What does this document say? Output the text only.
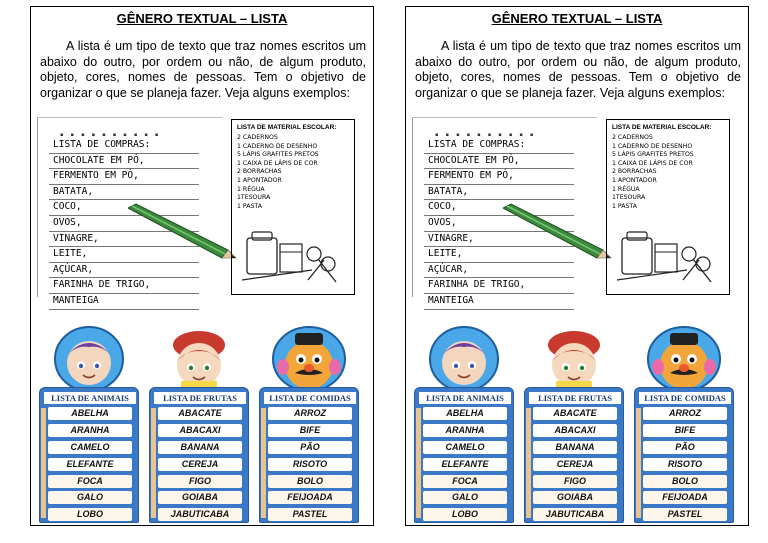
GÊNERO TEXTUAL – LISTA

A lista é um tipo de texto que traz nomes escritos um abaixo do outro, por ordem ou não, de algum produto, objeto, cores, nomes de pessoas. Tem o objetivo de organizar o que se planeja fazer. Veja alguns exemplos:

▪▪▪▪▪▪▪▪▪▪
LISTA DE COMPRAS:
CHOCOLATE EM PÓ,
FERMENTO EM PÓ,
BATATA,
COCO,
OVOS,
VINAGRE,
LEITE,
AÇÚCAR,
FARINHA DE TRIGO,
MANTEIGA
LISTA DE MATERIAL ESCOLAR:
2 CADERNOS
1 CADERNO DE DESENHO
5 LÁPIS GRAFITES PRETOS
1 CAIXA DE LÁPIS DE COR
2 BORRACHAS
1 APONTADOR
1 RÉGUA
1TESOURA
1 PASTA
LISTA DE ANIMAIS
ABELHA
ARANHA
CAMELO
ELEFANTE
FOCA
GALO
LOBO
LISTA DE FRUTAS
ABACATE
ABACAXI
BANANA
CEREJA
FIGO
GOIABA
JABUTICABA
LISTA DE COMIDAS
ARROZ
BIFE
PÃO
RISOTO
BOLO
FEIJOADA
PASTEL
GÊNERO TEXTUAL – LISTA

A lista é um tipo de texto que traz nomes escritos um abaixo do outro, por ordem ou não, de algum produto, objeto, cores, nomes de pessoas. Tem o objetivo de organizar o que se planeja fazer. Veja alguns exemplos:

▪▪▪▪▪▪▪▪▪▪
LISTA DE COMPRAS:
CHOCOLATE EM PÓ,
FERMENTO EM PÓ,
BATATA,
COCO,
OVOS,
VINAGRE,
LEITE,
AÇÚCAR,
FARINHA DE TRIGO,
MANTEIGA
LISTA DE MATERIAL ESCOLAR:
2 CADERNOS
1 CADERNO DE DESENHO
5 LÁPIS GRAFITES PRETOS
1 CAIXA DE LÁPIS DE COR
2 BORRACHAS
1 APONTADOR
1 RÉGUA
1TESOURA
1 PASTA
LISTA DE ANIMAIS
ABELHA
ARANHA
CAMELO
ELEFANTE
FOCA
GALO
LOBO
LISTA DE FRUTAS
ABACATE
ABACAXI
BANANA
CEREJA
FIGO
GOIABA
JABUTICABA
LISTA DE COMIDAS
ARROZ
BIFE
PÃO
RISOTO
BOLO
FEIJOADA
PASTEL
